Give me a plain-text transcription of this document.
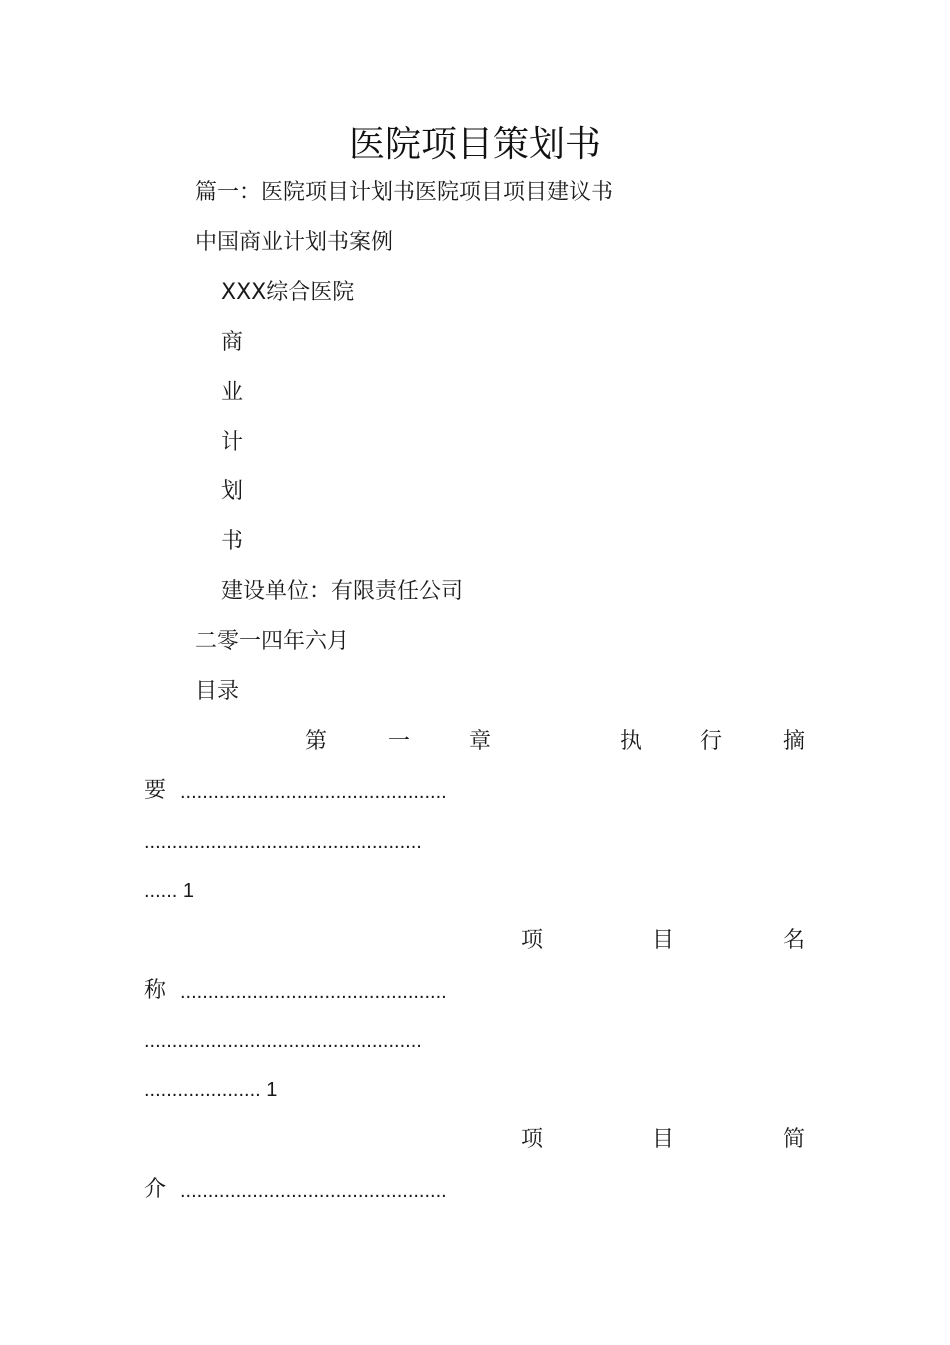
医院项目策划书
篇一：医院项目计划书医院项目项目建议书
中国商业计划书案例
XXX综合医院
商
业
计
划
书
建设单位：有限责任公司
二零一四年六月
目录
第	一	章	执	行	摘
要 ................................................
..................................................
...... 1
项	目	名
称 ................................................
..................................................
..................... 1
项	目	简
介 ................................................
